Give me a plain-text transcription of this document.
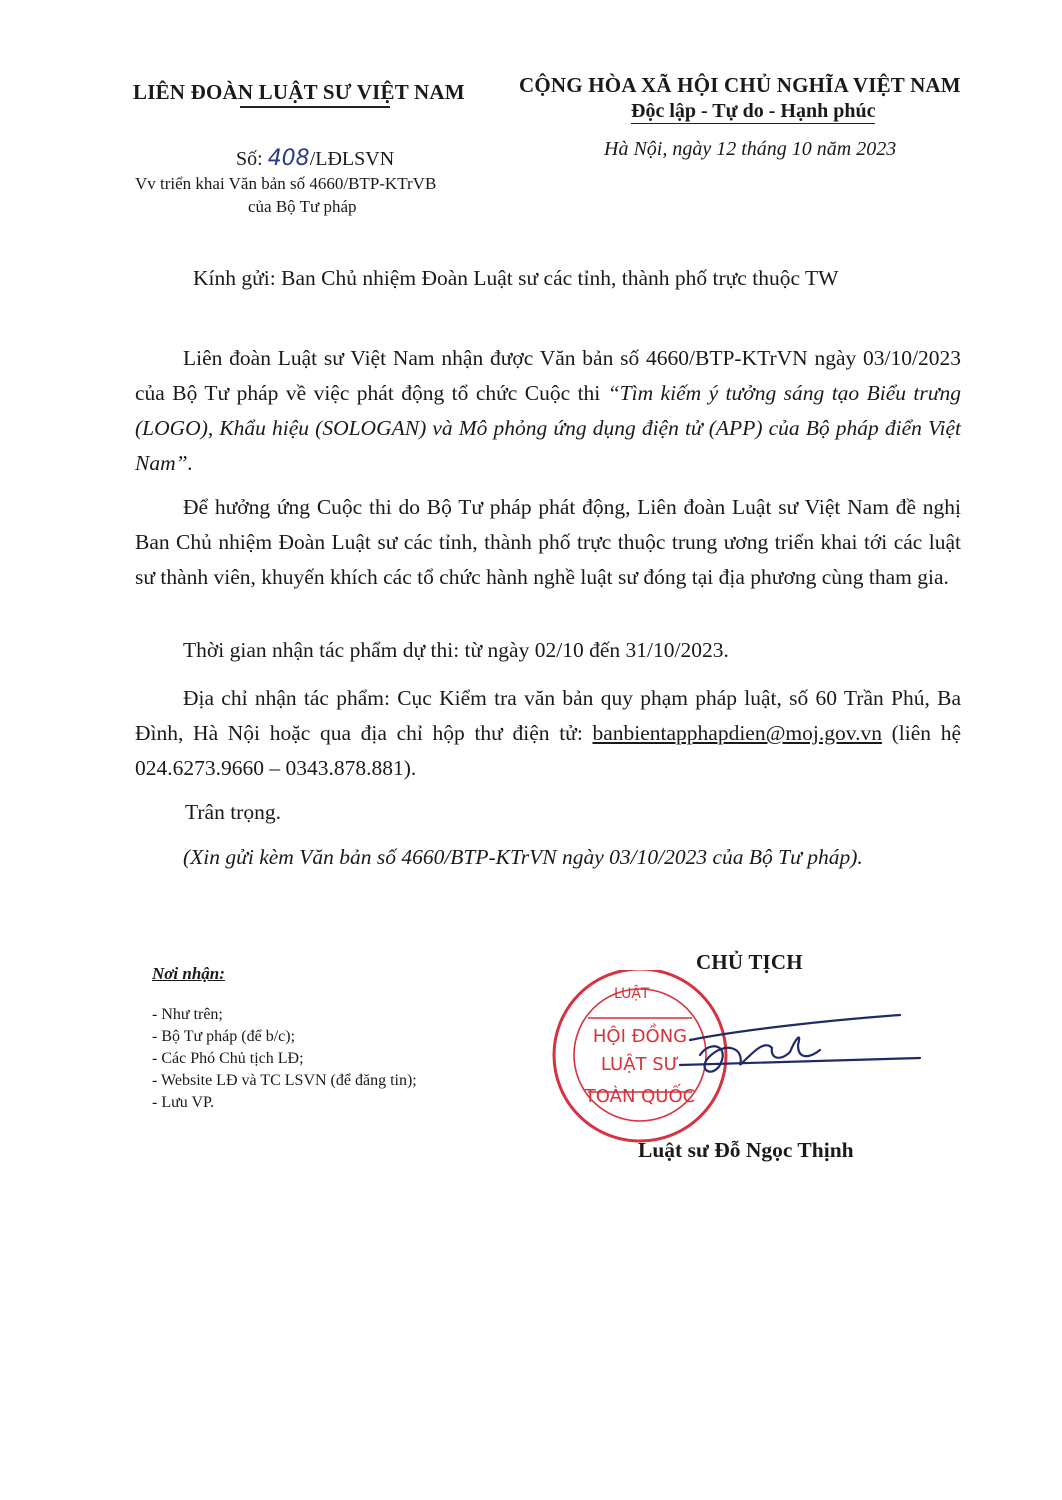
LIÊN ĐOÀN LUẬT SƯ VIỆT NAM
Số: 408/LĐLSVN
Vv triển khai Văn bản số 4660/BTP-KTrVB
của Bộ Tư pháp
CỘNG HÒA XÃ HỘI CHỦ NGHĨA VIỆT NAM
Độc lập - Tự do - Hạnh phúc
Hà Nội, ngày 12 tháng 10 năm 2023
Kính gửi: Ban Chủ nhiệm Đoàn Luật sư các tỉnh, thành phố trực thuộc TW
Liên đoàn Luật sư Việt Nam nhận được Văn bản số 4660/BTP-KTrVN ngày 03/10/2023 của Bộ Tư pháp về việc phát động tổ chức Cuộc thi “Tìm kiếm ý tưởng sáng tạo Biểu trưng (LOGO), Khẩu hiệu (SOLOGAN) và Mô phỏng ứng dụng điện tử (APP) của Bộ pháp điển Việt Nam”.
Để hưởng ứng Cuộc thi do Bộ Tư pháp phát động, Liên đoàn Luật sư Việt Nam đề nghị Ban Chủ nhiệm Đoàn Luật sư các tỉnh, thành phố trực thuộc trung ương triển khai tới các luật sư thành viên, khuyến khích các tổ chức hành nghề luật sư đóng tại địa phương cùng tham gia.
Thời gian nhận tác phẩm dự thi: từ ngày 02/10 đến 31/10/2023.
Địa chỉ nhận tác phẩm: Cục Kiểm tra văn bản quy phạm pháp luật, số 60 Trần Phú, Ba Đình, Hà Nội hoặc qua địa chỉ hộp thư điện tử: banbientapphapdien@moj.gov.vn (liên hệ 024.6273.9660 – 0343.878.881).
Trân trọng.
(Xin gửi kèm Văn bản số 4660/BTP-KTrVN ngày 03/10/2023 của Bộ Tư pháp).
Nơi nhận:
- Như trên;
- Bộ Tư pháp (để b/c);
- Các Phó Chủ tịch LĐ;
- Website LĐ và TC LSVN (để đăng tin);
- Lưu VP.
CHỦ TỊCH
LUẬT
HỘI ĐỒNG
LUẬT SƯ
TOÀN QUỐC
Luật sư Đỗ Ngọc Thịnh
